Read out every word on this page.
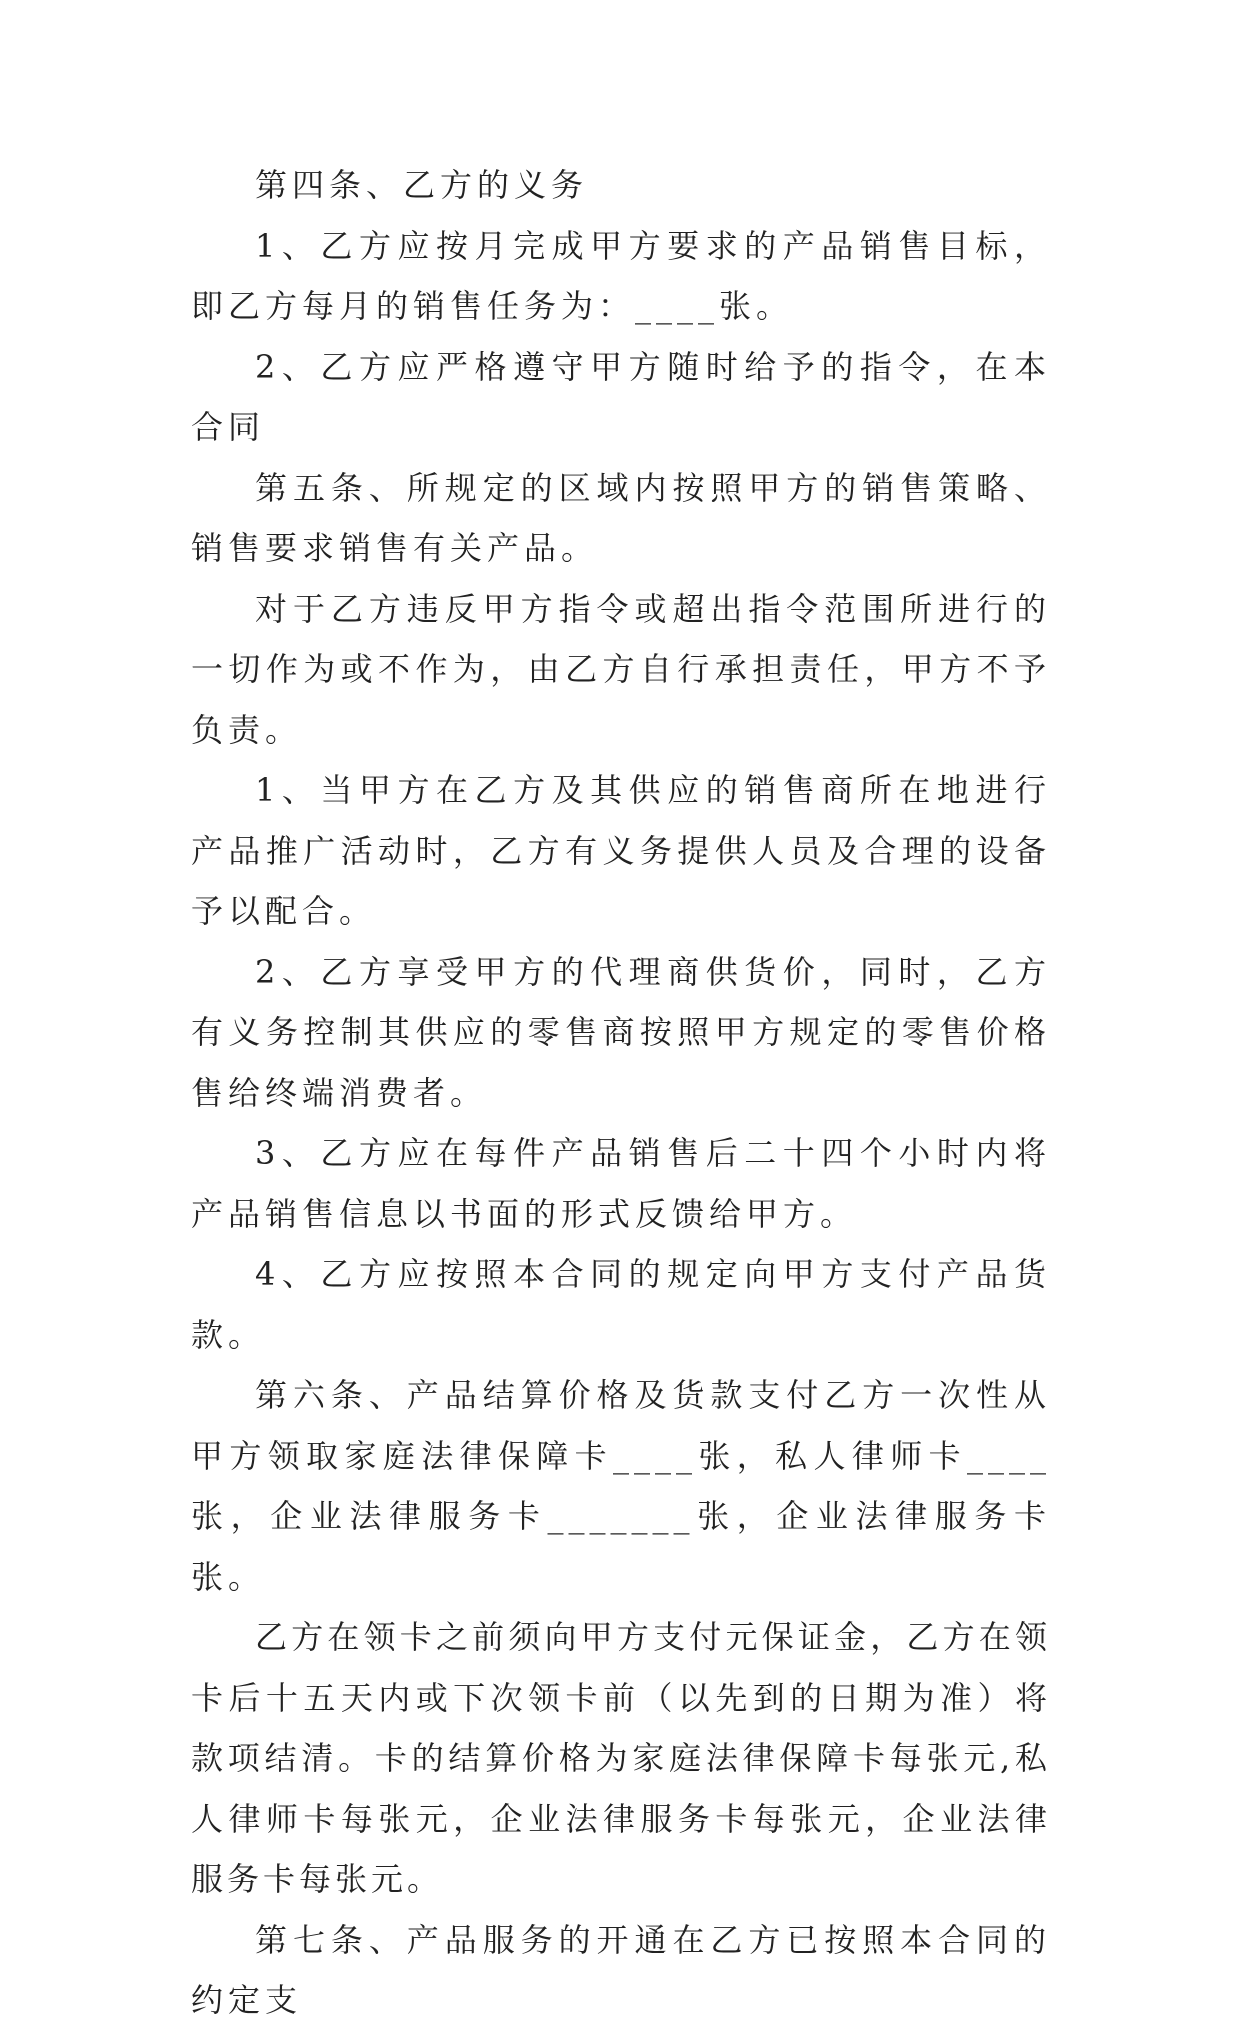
第四条、乙方的义务

1、乙方应按月完成甲方要求的产品销售目标，即乙方每月的销售任务为：____张。

2、乙方应严格遵守甲方随时给予的指令，在本合同

第五条、所规定的区域内按照甲方的销售策略、销售要求销售有关产品。

对于乙方违反甲方指令或超出指令范围所进行的一切作为或不作为，由乙方自行承担责任，甲方不予负责。

1、当甲方在乙方及其供应的销售商所在地进行产品推广活动时，乙方有义务提供人员及合理的设备予以配合。

2、乙方享受甲方的代理商供货价，同时，乙方有义务控制其供应的零售商按照甲方规定的零售价格售给终端消费者。

3、乙方应在每件产品销售后二十四个小时内将产品销售信息以书面的形式反馈给甲方。

4、乙方应按照本合同的规定向甲方支付产品货款。

第六条、产品结算价格及货款支付乙方一次性从甲方领取家庭法律保障卡____张，私人律师卡____张，企业法律服务卡_______张，企业法律服务卡张。

乙方在领卡之前须向甲方支付元保证金，乙方在领卡后十五天内或下次领卡前（以先到的日期为准）将款项结清。卡的结算价格为家庭法律保障卡每张元,私人律师卡每张元，企业法律服务卡每张元，企业法律服务卡每张元。

第七条、产品服务的开通在乙方已按照本合同的约定支
